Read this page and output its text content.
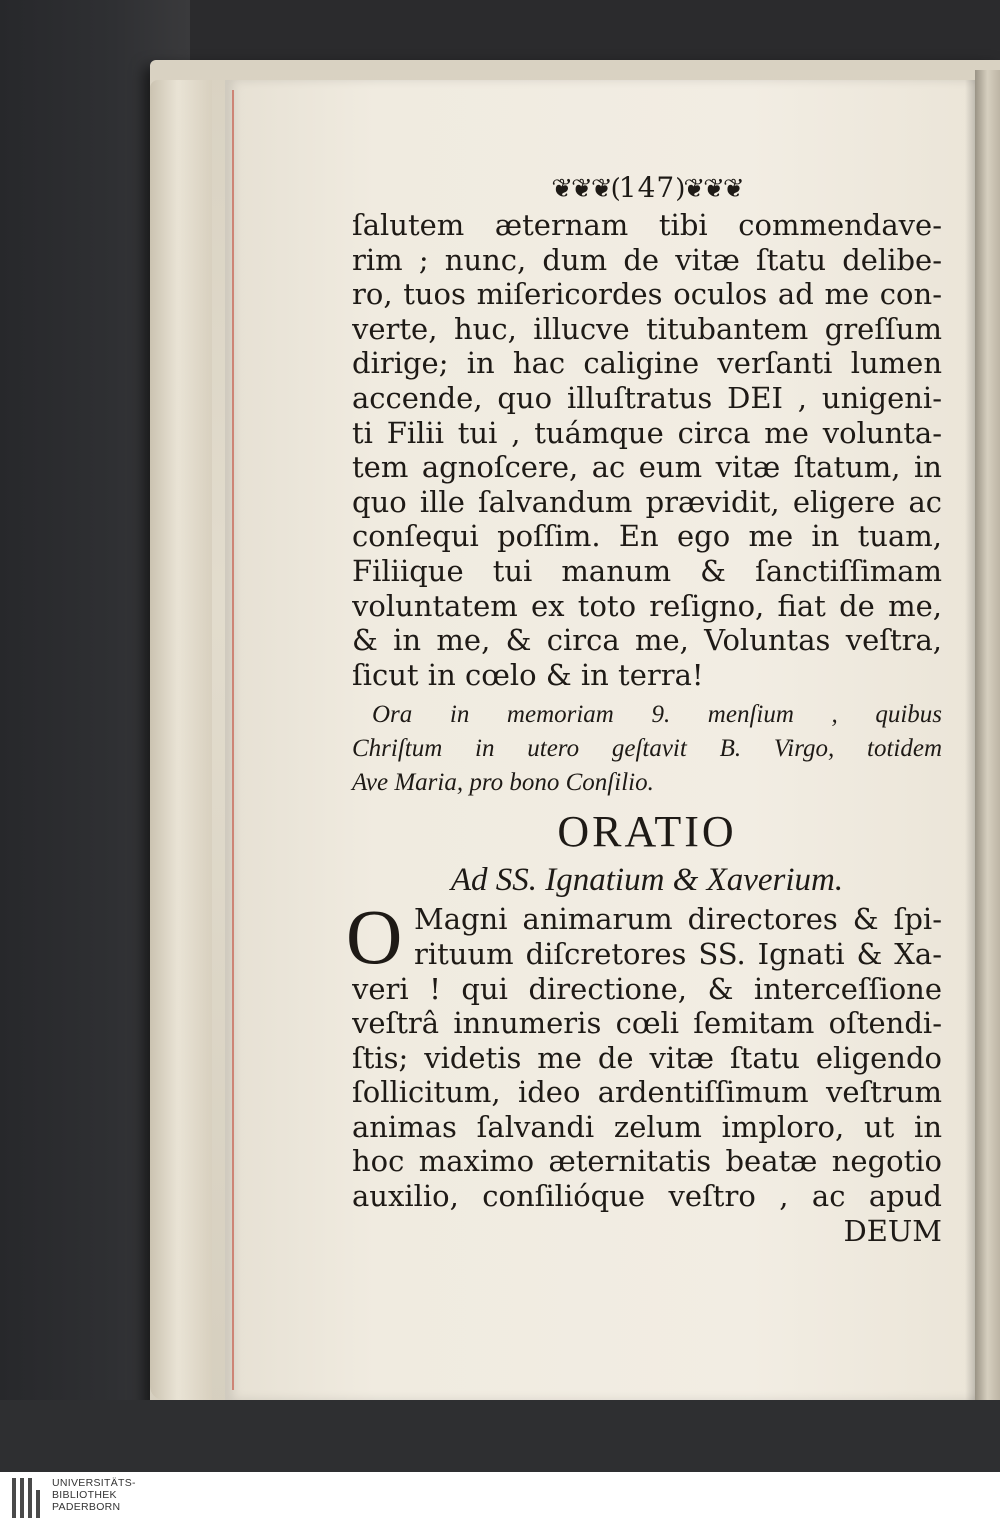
❦❦❦(147)❦❦❦
ſalutem æternam tibi commendave-
rim ; nunc, dum de vitæ ſtatu delibe-
ro, tuos miſericordes oculos ad me con-
verte, huc, illucve titubantem greſſum
dirige; in hac caligine verſanti lumen
accende, quo illuſtratus DEI , unigeni-
ti Filii tui , tuámque circa me volunta-
tem agnoſcere, ac eum vitæ ſtatum, in
quo ille ſalvandum prævidit, eligere ac
conſequi poſſim. En ego me in tuam,
Filiique tui manum & ſanctiſſimam
voluntatem ex toto reſigno, fiat de me,
& in me, & circa me, Voluntas veſtra,
ſicut in cœlo & in terra!
Ora in memoriam 9. menſium , quibus
Chriſtum in utero geſtavit B. Virgo, totidem
Ave Maria, pro bono Conſilio.
ORATIO
Ad SS. Ignatium & Xaverium.
O Magni animarum directores & ſpi-
rituum diſcretores SS. Ignati & Xa-
veri ! qui directione, & interceſſione
veſtrâ innumeris cœli ſemitam oſtendi-
ſtis; videtis me de vitæ ſtatu eligendo
ſollicitum, ideo ardentiſſimum veſtrum
animas ſalvandi zelum imploro, ut in
hoc maximo æternitatis beatæ negotio
auxilio, conſilióque veſtro , ac apud
DEUM
UNIVERSITÄTS-
BIBLIOTHEK
PADERBORN
